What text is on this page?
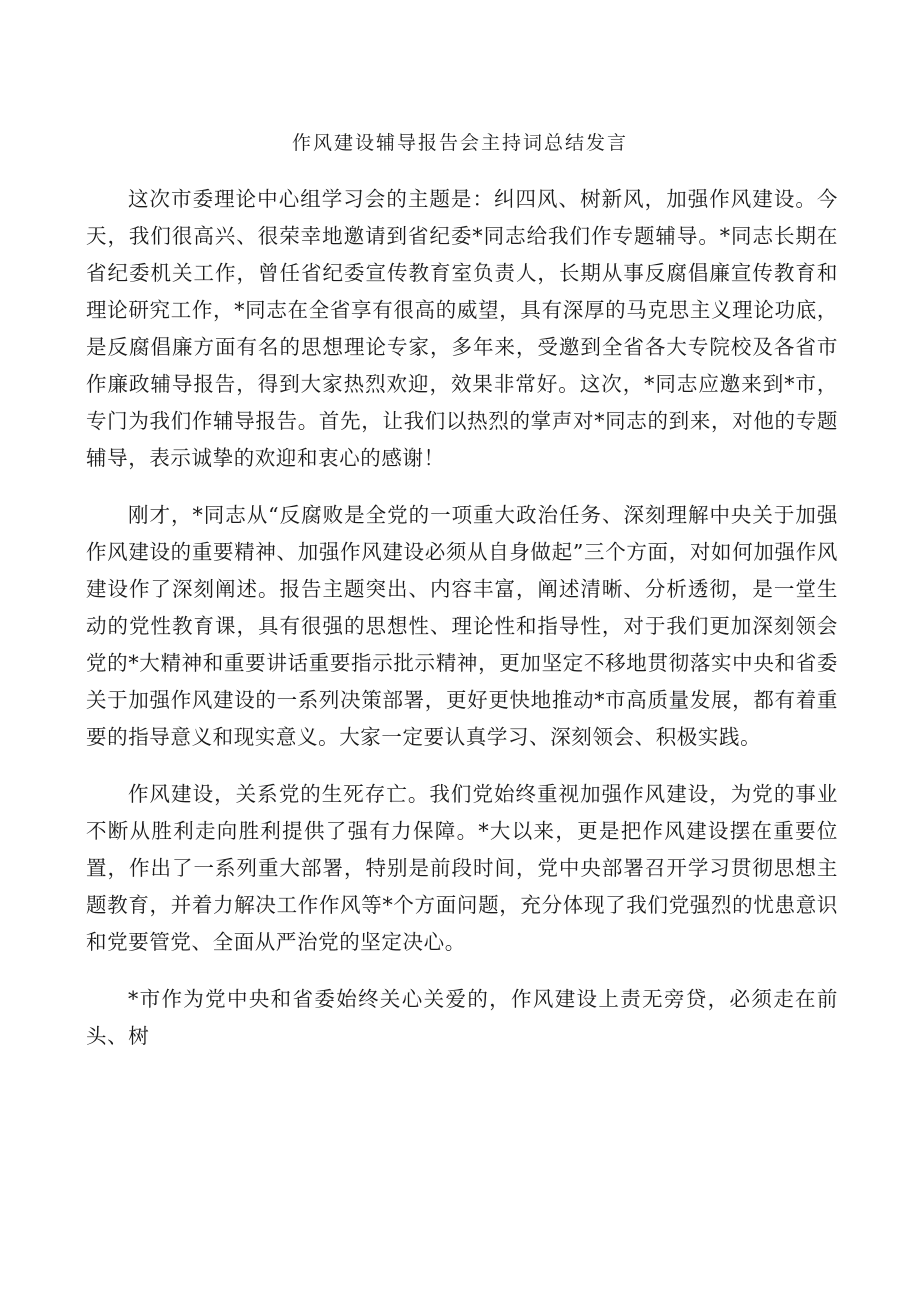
作风建设辅导报告会主持词总结发言

这次市委理论中心组学习会的主题是：纠四风、树新风，加强作风建设。今天，我们很高兴、很荣幸地邀请到省纪委*同志给我们作专题辅导。*同志长期在省纪委机关工作，曾任省纪委宣传教育室负责人，长期从事反腐倡廉宣传教育和理论研究工作，*同志在全省享有很高的威望，具有深厚的马克思主义理论功底，是反腐倡廉方面有名的思想理论专家，多年来，受邀到全省各大专院校及各省市作廉政辅导报告，得到大家热烈欢迎，效果非常好。这次，*同志应邀来到*市，专门为我们作辅导报告。首先，让我们以热烈的掌声对*同志的到来，对他的专题辅导，表示诚挚的欢迎和衷心的感谢！

刚才，*同志从“反腐败是全党的一项重大政治任务、深刻理解中央关于加强作风建设的重要精神、加强作风建设必须从自身做起”三个方面，对如何加强作风建设作了深刻阐述。报告主题突出、内容丰富，阐述清晰、分析透彻，是一堂生动的党性教育课，具有很强的思想性、理论性和指导性，对于我们更加深刻领会党的*大精神和重要讲话重要指示批示精神，更加坚定不移地贯彻落实中央和省委关于加强作风建设的一系列决策部署，更好更快地推动*市高质量发展，都有着重要的指导意义和现实意义。大家一定要认真学习、深刻领会、积极实践。

作风建设，关系党的生死存亡。我们党始终重视加强作风建设，为党的事业不断从胜利走向胜利提供了强有力保障。*大以来，更是把作风建设摆在重要位置，作出了一系列重大部署，特别是前段时间，党中央部署召开学习贯彻思想主题教育，并着力解决工作作风等*个方面问题，充分体现了我们党强烈的忧患意识和党要管党、全面从严治党的坚定决心。

*市作为党中央和省委始终关心关爱的，作风建设上责无旁贷，必须走在前头、树
